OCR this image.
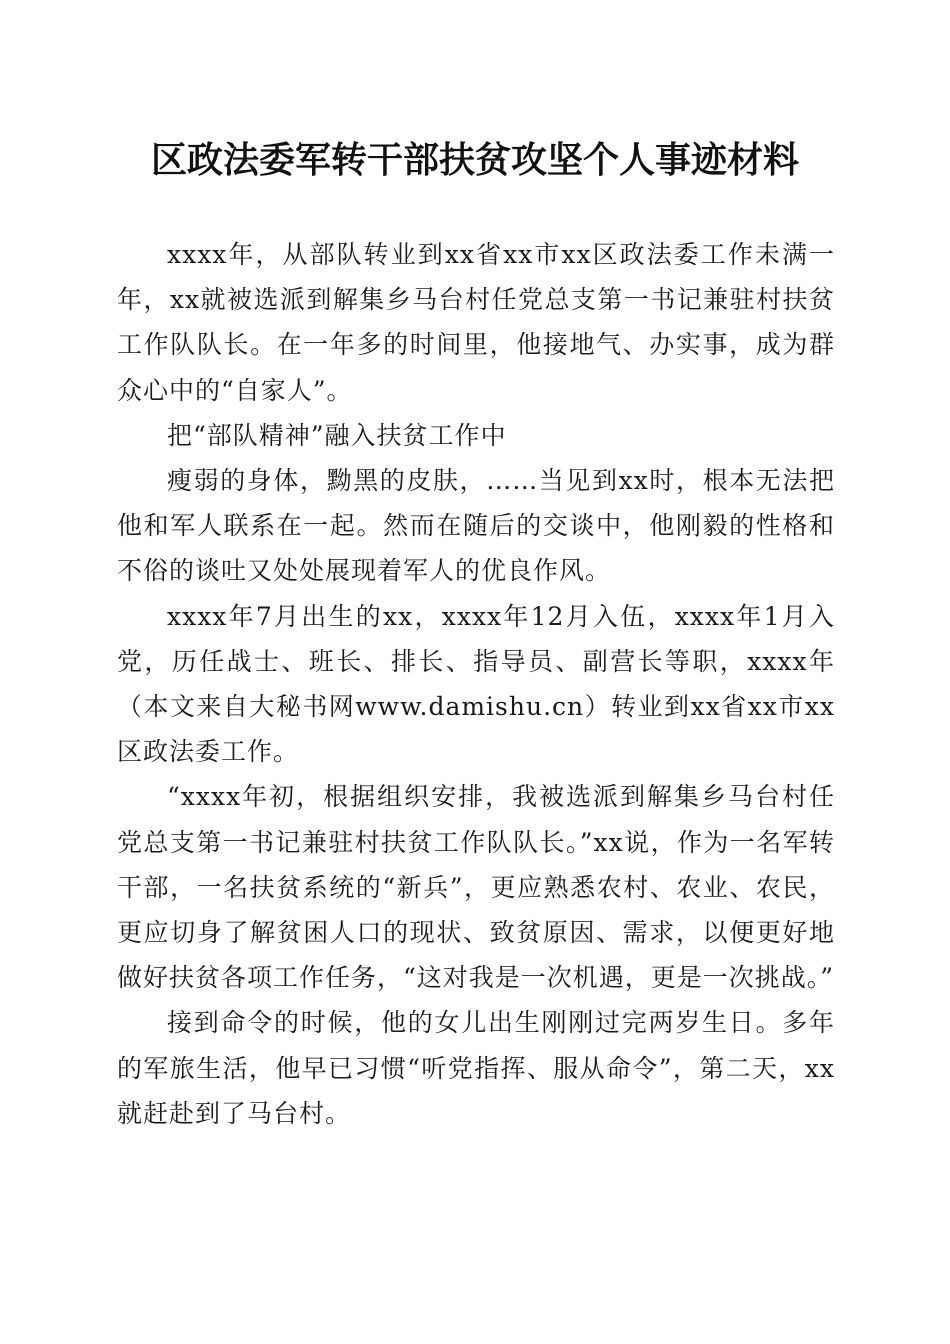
区政法委军转干部扶贫攻坚个人事迹材料

xxxx年，从部队转业到xx省xx市xx区政法委工作未满一年，xx就被选派到解集乡马台村任党总支第一书记兼驻村扶贫工作队队长。在一年多的时间里，他接地气、办实事，成为群众心中的“自家人”。

把“部队精神”融入扶贫工作中

瘦弱的身体，黝黑的皮肤，……当见到xx时，根本无法把他和军人联系在一起。然而在随后的交谈中，他刚毅的性格和不俗的谈吐又处处展现着军人的优良作风。

xxxx年7月出生的xx，xxxx年12月入伍，xxxx年1月入党，历任战士、班长、排长、指导员、副营长等职，xxxx年（本文来自大秘书网www.damishu.cn）转业到xx省xx市xx区政法委工作。

“xxxx年初，根据组织安排，我被选派到解集乡马台村任党总支第一书记兼驻村扶贫工作队队长。”xx说，作为一名军转干部，一名扶贫系统的“新兵”，更应熟悉农村、农业、农民，更应切身了解贫困人口的现状、致贫原因、需求，以便更好地做好扶贫各项工作任务，“这对我是一次机遇，更是一次挑战。”

接到命令的时候，他的女儿出生刚刚过完两岁生日。多年的军旅生活，他早已习惯“听党指挥、服从命令”，第二天，xx就赶赴到了马台村。
